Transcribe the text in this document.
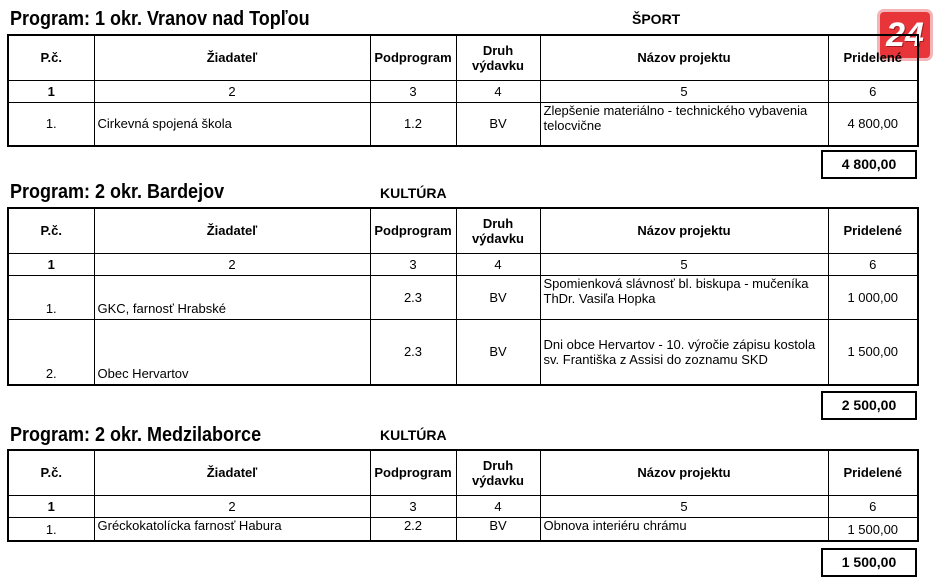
24
Program: 1 okr. Vranov nad Topľou	ŠPORT
P.č.	Žiadateľ	Podprogram	Druh výdavku	Názov projektu	Pridelené
1	2	3	4	5	6
1.	Cirkevná spojená škola	1.2	BV	Zlepšenie materiálno - technického vybavenia telocvične	4 800,00
4 800,00
Program: 2 okr. Bardejov	KULTÚRA
P.č.	Žiadateľ	Podprogram	Druh výdavku	Názov projektu	Pridelené
1	2	3	4	5	6
1.	GKC, farnosť Hrabské	2.3	BV	Spomienková slávnosť bl. biskupa - mučeníka ThDr. Vasiľa Hopka	1 000,00
2.	Obec Hervartov	2.3	BV	Dni obce Hervartov - 10. výročie zápisu kostola sv. Františka z Assisi do zoznamu SKD	1 500,00
2 500,00
Program: 2 okr. Medzilaborce	KULTÚRA
P.č.	Žiadateľ	Podprogram	Druh výdavku	Názov projektu	Pridelené
1	2	3	4	5	6
1.	Gréckokatolícka farnosť Habura	2.2	BV	Obnova interiéru chrámu	1 500,00
1 500,00
